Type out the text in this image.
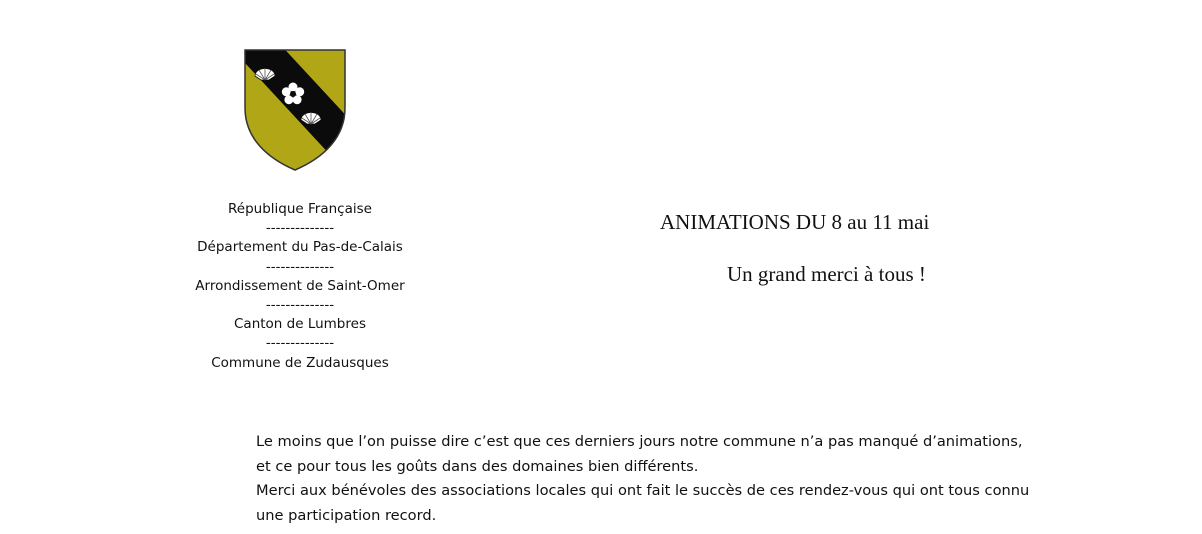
République Française
--------------
Département du Pas-de-Calais
--------------
Arrondissement de Saint-Omer
--------------
Canton de Lumbres
--------------
Commune de Zudausques
ANIMATIONS DU 8 au 11 mai
Un grand merci à tous !
Le moins que l’on puisse dire c’est que ces derniers jours notre commune n’a pas manqué d’animations,
et ce pour tous les goûts dans des domaines bien différents.
Merci aux bénévoles des associations locales qui ont fait le succès de ces rendez-vous qui ont tous connu
une participation record.
